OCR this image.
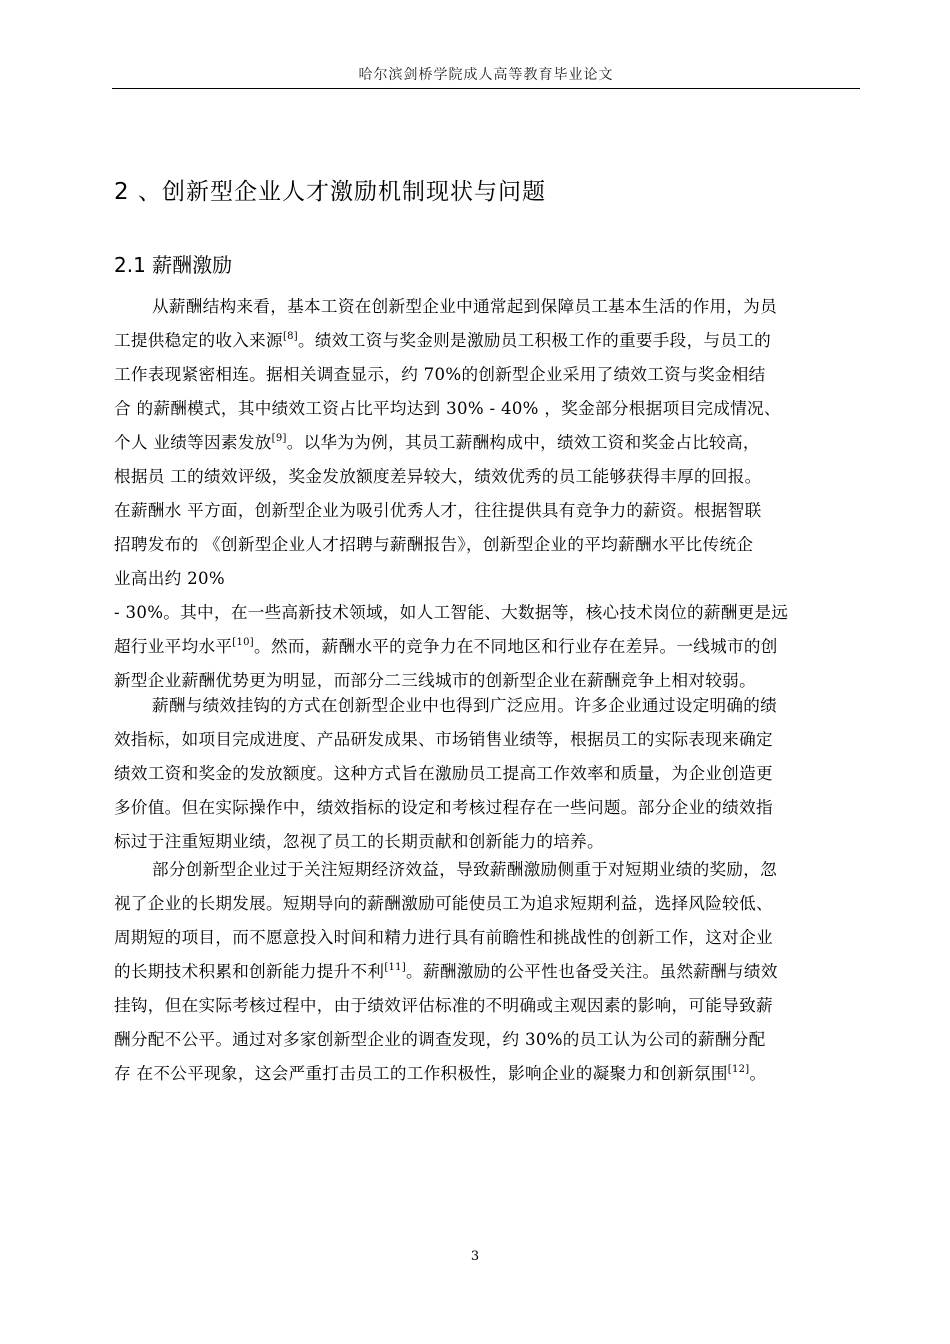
哈尔滨剑桥学院成人高等教育毕业论文
2 、创新型企业人才激励机制现状与问题
2.1 薪酬激励
从薪酬结构来看，基本工资在创新型企业中通常起到保障员工基本生活的作用，为员
工提供稳定的收入来源[8]。绩效工资与奖金则是激励员工积极工作的重要手段，与员工的
工作表现紧密相连。据相关调查显示，约 70%的创新型企业采用了绩效工资与奖金相结
合 的薪酬模式，其中绩效工资占比平均达到 30% - 40% ，奖金部分根据项目完成情况、
个人 业绩等因素发放[9]。以华为为例，其员工薪酬构成中，绩效工资和奖金占比较高，
根据员 工的绩效评级，奖金发放额度差异较大，绩效优秀的员工能够获得丰厚的回报。
在薪酬水 平方面，创新型企业为吸引优秀人才，往往提供具有竞争力的薪资。根据智联
招聘发布的 《创新型企业人才招聘与薪酬报告》，创新型企业的平均薪酬水平比传统企
业高出约 20%
- 30%。其中，在一些高新技术领域，如人工智能、大数据等，核心技术岗位的薪酬更是远
超行业平均水平[10]。然而，薪酬水平的竞争力在不同地区和行业存在差异。一线城市的创
新型企业薪酬优势更为明显，而部分二三线城市的创新型企业在薪酬竞争上相对较弱。
薪酬与绩效挂钩的方式在创新型企业中也得到广泛应用。许多企业通过设定明确的绩
效指标，如项目完成进度、产品研发成果、市场销售业绩等，根据员工的实际表现来确定
绩效工资和奖金的发放额度。这种方式旨在激励员工提高工作效率和质量，为企业创造更
多价值。但在实际操作中，绩效指标的设定和考核过程存在一些问题。部分企业的绩效指
标过于注重短期业绩，忽视了员工的长期贡献和创新能力的培养。
部分创新型企业过于关注短期经济效益，导致薪酬激励侧重于对短期业绩的奖励，忽
视了企业的长期发展。短期导向的薪酬激励可能使员工为追求短期利益，选择风险较低、
周期短的项目，而不愿意投入时间和精力进行具有前瞻性和挑战性的创新工作，这对企业
的长期技术积累和创新能力提升不利[11]。薪酬激励的公平性也备受关注。虽然薪酬与绩效
挂钩，但在实际考核过程中，由于绩效评估标准的不明确或主观因素的影响，可能导致薪
酬分配不公平。通过对多家创新型企业的调查发现，约 30%的员工认为公司的薪酬分配
存 在不公平现象，这会严重打击员工的工作积极性，影响企业的凝聚力和创新氛围[12]。
3
